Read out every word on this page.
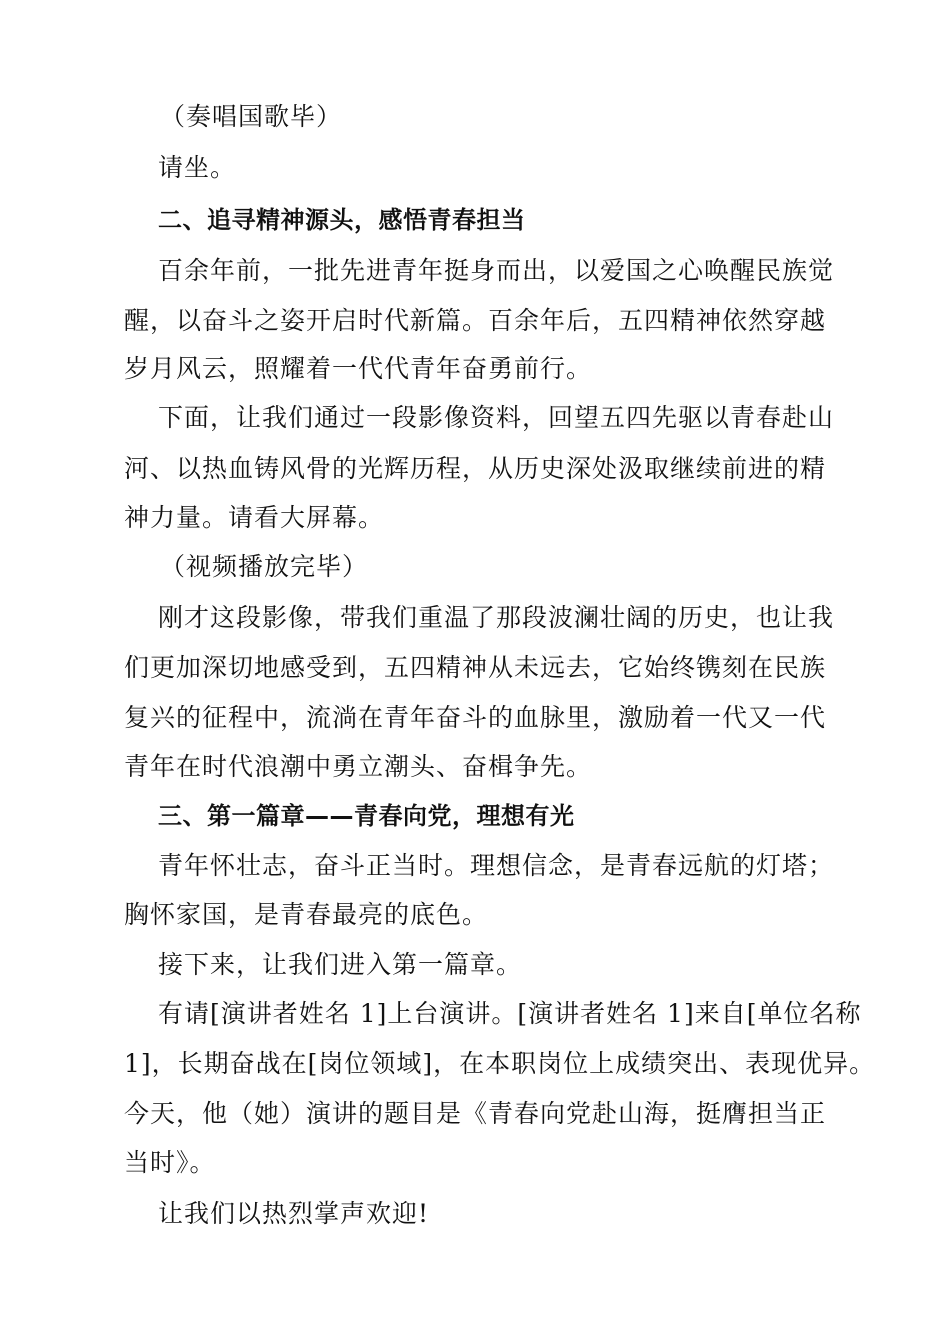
（奏唱国歌毕）
请坐。
二、追寻精神源头，感悟青春担当
百余年前，一批先进青年挺身而出，以爱国之心唤醒民族觉
醒，以奋斗之姿开启时代新篇。百余年后，五四精神依然穿越
岁月风云，照耀着一代代青年奋勇前行。
下面，让我们通过一段影像资料，回望五四先驱以青春赴山
河、以热血铸风骨的光辉历程，从历史深处汲取继续前进的精
神力量。请看大屏幕。
（视频播放完毕）
刚才这段影像，带我们重温了那段波澜壮阔的历史，也让我
们更加深切地感受到，五四精神从未远去，它始终镌刻在民族
复兴的征程中，流淌在青年奋斗的血脉里，激励着一代又一代
青年在时代浪潮中勇立潮头、奋楫争先。
三、第一篇章——青春向党，理想有光
青年怀壮志，奋斗正当时。理想信念，是青春远航的灯塔；
胸怀家国，是青春最亮的底色。
接下来，让我们进入第一篇章。
有请[演讲者姓名 1]上台演讲。[演讲者姓名 1]来自[单位名称
1]，长期奋战在[岗位领域]，在本职岗位上成绩突出、表现优异。
今天，他（她）演讲的题目是《青春向党赴山海，挺膺担当正
当时》。
让我们以热烈掌声欢迎!
